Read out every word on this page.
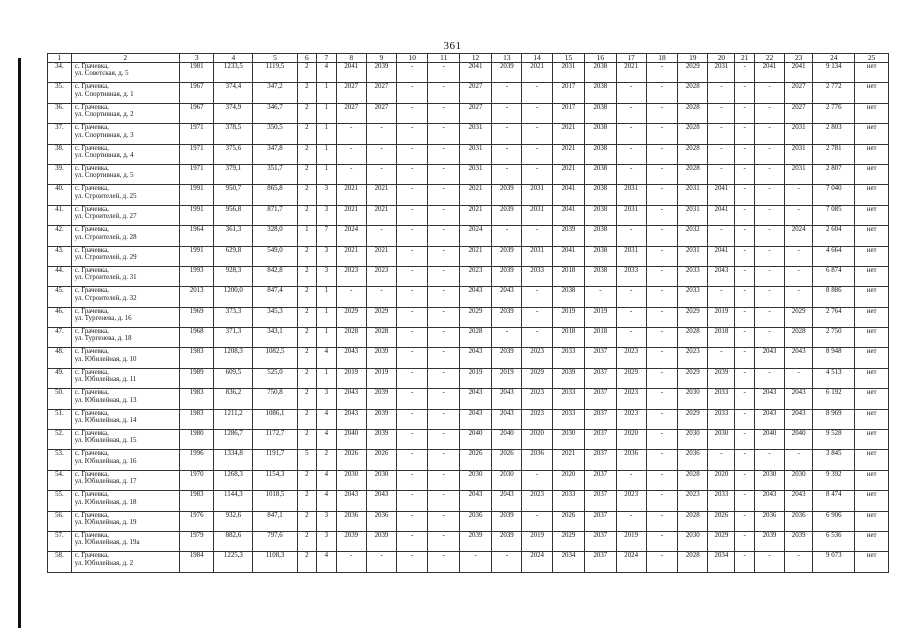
361
1	2	3	4	5	6	7	8	9	10	11	12	13	14	15	16	17	18	19	20	21	22	23	24	25
34.	с. Грачевка,
ул. Советская, д. 5	1981	1233,5	1119,5	2	4	2041	2039	-	-	2041	2039	2021	2031	2038	2021	-	2029	2031	-	2041	2041	9 134	нет
35.	с. Грачевка,
ул. Спортивная, д. 1	1967	374,4	347,2	2	1	2027	2027	-	-	2027	-	-	2017	2038	-	-	2028	-	-	-	2027	2 772	нет
36.	с. Грачевка,
ул. Спортивная, д. 2	1967	374,9	346,7	2	1	2027	2027	-	-	2027	-	-	2017	2038	-	-	2028	-	-	-	2027	2 776	нет
37.	с. Грачевка,
ул. Спортивная, д. 3	1971	378,5	350,5	2	1	-	-	-	-	2031	-	-	2021	2038	-	-	2028	-	-	-	2031	2 803	нет
38.	с. Грачевка,
ул. Спортивная, д. 4	1971	375,6	347,8	2	1	-	-	-	-	2031	-	-	2021	2038	-	-	2028	-	-	-	2031	2 781	нет
39.	с. Грачевка,
ул. Спортивная, д. 5	1971	379,1	351,7	2	1	-	-	-	-	2031	-	-	2021	2038	-	-	2028	-	-	-	2031	2 807	нет
40.	с. Грачевка,
ул. Строителей, д. 25	1991	950,7	865,8	2	3	2021	2021	-	-	2021	2039	2031	2041	2038	2031	-	2031	2041	-	-	-	7 040	нет
41.	с. Грачевка,
ул. Строителей, д. 27	1991	956,8	871,7	2	3	2021	2021	-	-	2021	2039	2031	2041	2038	2031	-	2031	2041	-	-	-	7 085	нет
42.	с. Грачевка,
ул. Строителей, д. 28	1964	361,3	328,0	1	7	2024	-	-	-	2024	-	-	2039	2038	-	-	2032	-	-	-	2024	2 604	нет
43.	с. Грачевка,
ул. Строителей, д. 29	1991	629,8	549,0	2	3	2021	2021	-	-	2021	2039	2031	2041	2038	2031	-	2031	2041	-	-	-	4 664	нет
44.	с. Грачевка,
ул. Строителей, д. 31	1993	928,3	842,8	2	3	2023	2023	-	-	2023	2039	2033	2018	2038	2033	-	2033	2043	-	-	-	6 874	нет
45.	с. Грачевка,
ул. Строителей, д. 32	2013	1200,0	847,4	2	1	-	-	-	-	2043	2043	-	2038	-	-	-	2033	-	-	-	-	8 886	нет
46.	с. Грачевка,
ул. Тургенева, д. 16	1969	373,3	345,3	2	1	2029	2029	-	-	2029	2039	-	2019	2019	-	-	2029	2019	-	-	2029	2 764	нет
47.	с. Грачевка,
ул. Тургенева, д. 18	1968	371,3	343,1	2	1	2028	2028	-	-	2028	-	-	2018	2018	-	-	2028	2018	-	-	2028	2 750	нет
48.	с. Грачевка,
ул. Юбилейная, д. 10	1983	1208,3	1082,5	2	4	2043	2039	-	-	2043	2039	2023	2033	2037	2023	-	2023	-	-	2043	2043	8 948	нет
49.	с. Грачевка,
ул. Юбилейная, д. 11	1989	609,5	525,0	2	1	2019	2019	-	-	2019	2019	2029	2039	2037	2029	-	2029	2039	-	-	-	4 513	нет
50.	с. Грачевка,
ул. Юбилейная, д. 13	1983	836,2	750,8	2	3	2043	2039	-	-	2043	2043	2023	2033	2037	2023	-	2030	2033	-	2043	2043	6 192	нет
51.	с. Грачевка,
ул. Юбилейная, д. 14	1983	1211,2	1086,1	2	4	2043	2039	-	-	2043	2043	2023	2033	2037	2023	-	2029	2033	-	2043	2043	8 969	нет
52.	с. Грачевка,
ул. Юбилейная, д. 15	1980	1286,7	1172,7	2	4	2040	2039	-	-	2040	2040	2020	2030	2037	2020	-	2030	2030	-	2040	2040	9 528	нет
53.	с. Грачевка,
ул. Юбилейная, д. 16	1996	1334,8	1191,7	5	2	2026	2026	-	-	2026	2026	2036	2021	2037	2036	-	2036	-	-	-	-	3 845	нет
54.	с. Грачевка,
ул. Юбилейная, д. 17	1970	1268,3	1154,3	2	4	2030	2030	-	-	2030	2030	-	2020	2037	-	-	2028	2020	-	2030	2030	9 392	нет
55.	с. Грачевка,
ул. Юбилейная, д. 18	1983	1144,3	1018,5	2	4	2043	2043	-	-	2043	2043	2023	2033	2037	2023	-	2023	2033	-	2043	2043	8 474	нет
56.	с. Грачевка,
ул. Юбилейная, д. 19	1976	932,6	847,1	2	3	2036	2036	-	-	2036	2039	-	2026	2037	-	-	2028	2026	-	2036	2036	6 906	нет
57.	с. Грачевка,
ул. Юбилейная, д. 19а	1979	882,6	797,6	2	3	2039	2039	-	-	2039	2039	2019	2029	2037	2019	-	2030	2029	-	2039	2039	6 536	нет
58.	с. Грачевка,
ул. Юбилейная, д. 2	1984	1225,3	1108,3	2	4	-	-	-	-	-	-	2024	2034	2037	2024	-	2028	2034	-	-	-	9 073	нет
